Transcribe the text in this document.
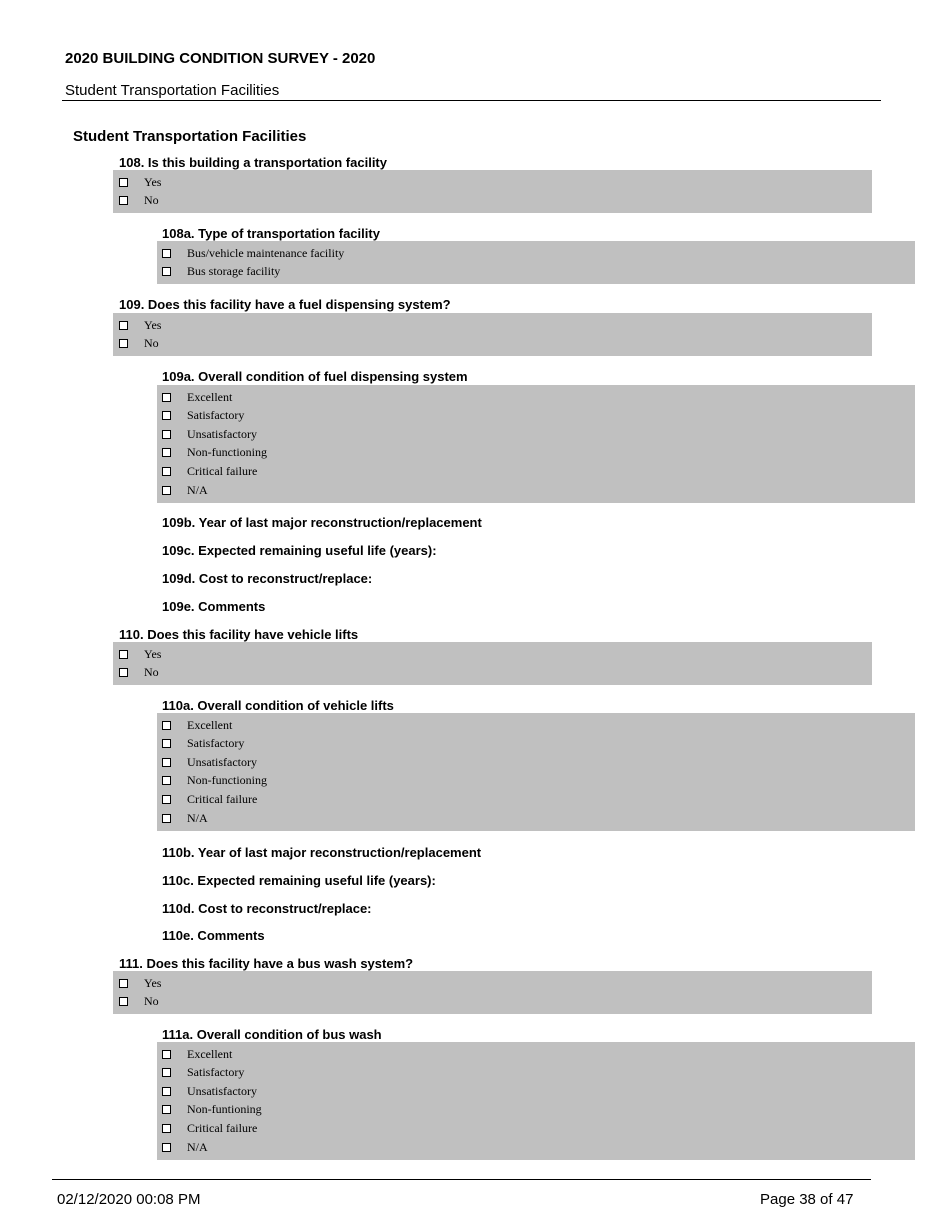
2020 BUILDING CONDITION SURVEY - 2020
Student Transportation Facilities
Student Transportation Facilities
108. Is this building a transportation facility
Yes
No
108a. Type of transportation facility
Bus/vehicle maintenance facility
Bus storage facility
109. Does this facility have a fuel dispensing system?
Yes
No
109a. Overall condition of fuel dispensing system
Excellent
Satisfactory
Unsatisfactory
Non-functioning
Critical failure
N/A
109b. Year of last major reconstruction/replacement
109c. Expected remaining useful life (years):
109d. Cost to reconstruct/replace:
109e. Comments
110. Does this facility have vehicle lifts
Yes
No
110a. Overall condition of vehicle lifts
Excellent
Satisfactory
Unsatisfactory
Non-functioning
Critical failure
N/A
110b. Year of last major reconstruction/replacement
110c. Expected remaining useful life (years):
110d. Cost to reconstruct/replace:
110e. Comments
111. Does this facility have a bus wash system?
Yes
No
111a. Overall condition of bus wash
Excellent
Satisfactory
Unsatisfactory
Non-funtioning
Critical failure
N/A
02/12/2020 00:08 PM	Page 38 of 47
